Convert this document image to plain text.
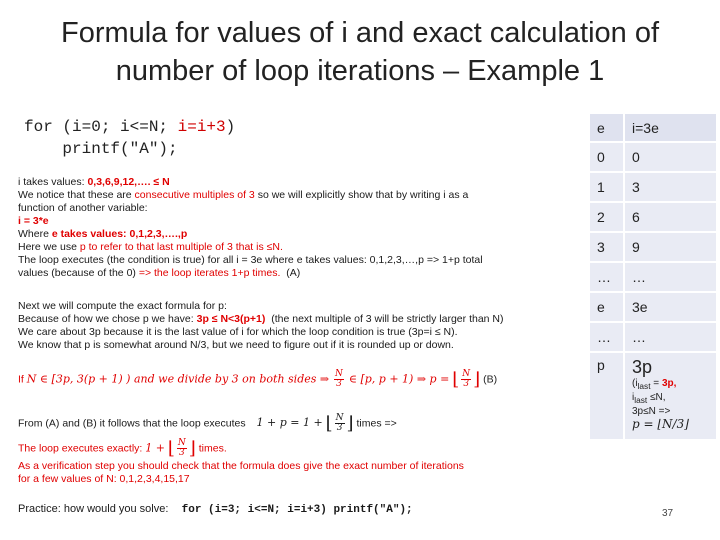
Formula for values of i and exact calculation of number of loop iterations – Example 1
for (i=0; i<=N; i=i+3)
printf("A");
i takes values: 0,3,6,9,12,…. ≤ N
We notice that these are consecutive multiples of 3 so we will explicitly show that by writing i as a
function of another variable:
i = 3*e
Where e takes values: 0,1,2,3,….,p
Here we use p to refer to that last multiple of 3 that is ≤N.
The loop executes (the condition is true) for all i = 3e where e takes values: 0,1,2,3,…,p => 1+p total
values (because of the 0) => the loop iterates 1+p times.  (A)
Next we will compute the exact formula for p:
Because of how we chose p we have: 3p ≤ N<3(p+1)  (the next multiple of 3 will be strictly larger than N)
We care about 3p because it is the last value of i for which the loop condition is true (3p=i ≤ N).
We know that p is somewhat around N/3, but we need to figure out if it is rounded up or down.
If N ∈ [3p, 3(p + 1) ) and we divide by 3 on both sides ⇒ $\frac{N}{3}$ ∈ [p, p + 1) ⇒ p = ⌊ $\frac{N}{3}$ ⌋ (B)
From (A) and (B) it follows that the loop executes 1 + p = 1 + ⌊ $\frac{N}{3}$ ⌋ times =>
The loop executes exactly: 1 + ⌊ $\frac{N}{3}$ ⌋ times.
As a verification step you should check that the formula does give the exact number of iterations
for a few values of N: 0,1,2,3,4,15,17
Practice: how would you solve:  for (i=3; i<=N; i=i+3) printf("A");
e	i=3e
0	0
1	3
2	6
3	9
…	…
e	3e
…	…
p	3p
($i_{last} = 3p$,
$i_{last} \le N$,
3p≤N =>
p = ⌊N/3⌋
37
